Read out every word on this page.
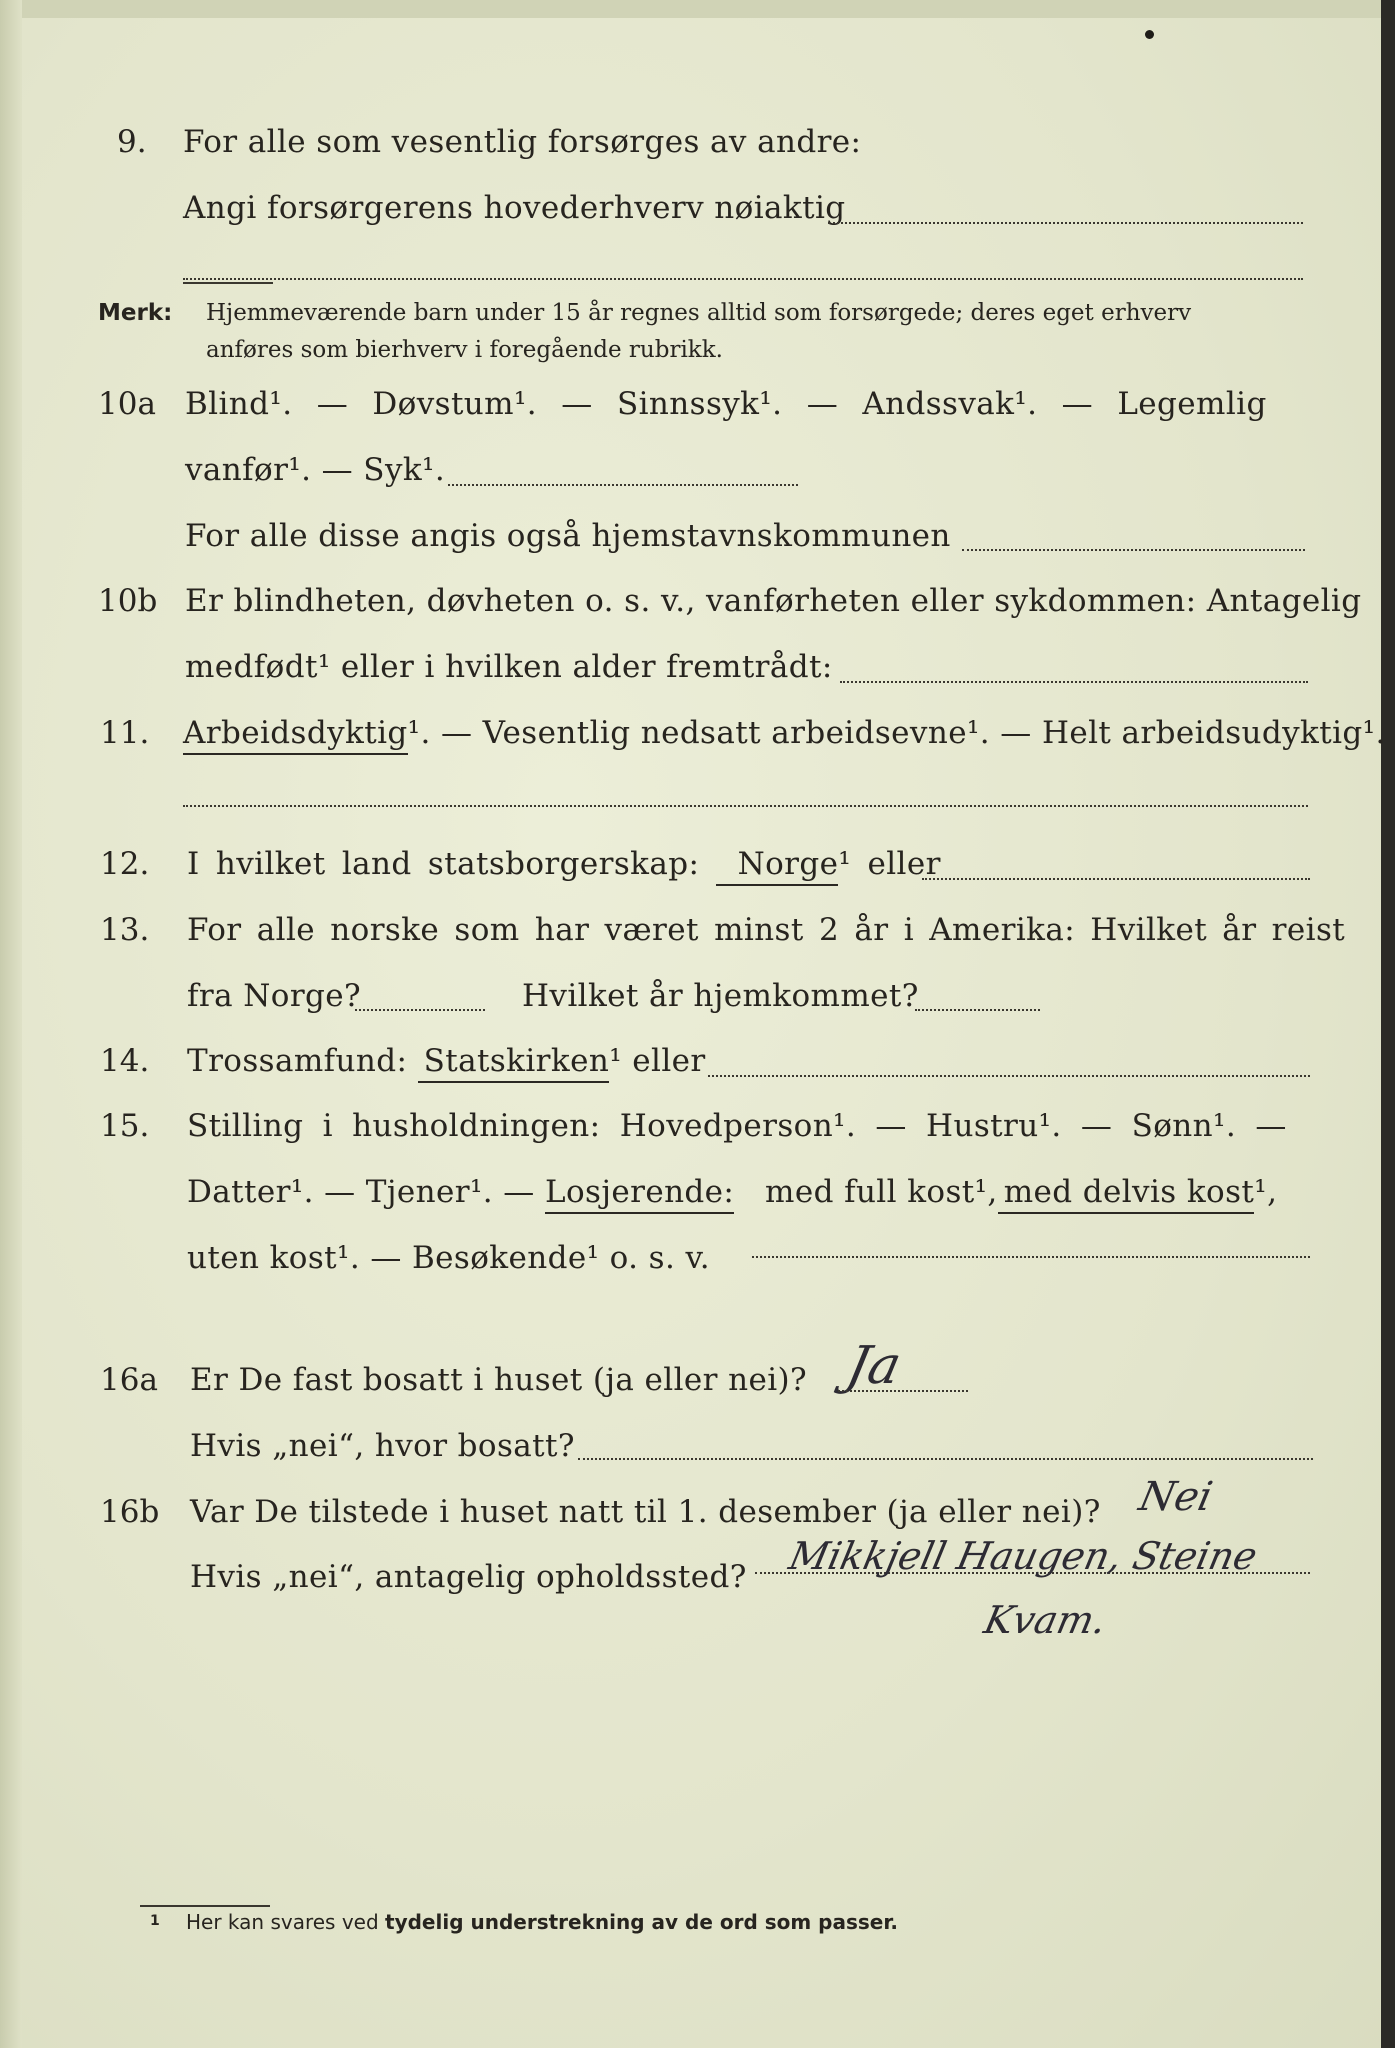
9. For alle som vesentlig forsørges av andre:
Angi forsørgerens hovederhverv nøiaktig
Merk: Hjemmeværende barn under 15 år regnes alltid som forsørgede; deres eget erhverv
anføres som bierhverv i foregående rubrikk.
10a Blind¹. — Døvstum¹. — Sinnssyk¹. — Andssvak¹. — Legemlig
vanfør¹. — Syk¹.
For alle disse angis også hjemstavnskommunen
10b Er blindheten, døvheten o. s. v., vanførheten eller sykdommen: Antagelig
medfødt¹ eller i hvilken alder fremtrådt:
11. Arbeidsdyktig¹. — Vesentlig nedsatt arbeidsevne¹. — Helt arbeidsudyktig¹.
12. I hvilket land statsborgerskap: Norge¹ eller
13. For alle norske som har været minst 2 år i Amerika: Hvilket år reist
fra Norge?	Hvilket år hjemkommet?
14. Trossamfund: Statskirken¹ eller
15. Stilling i husholdningen: Hovedperson¹. — Hustru¹. — Sønn¹. —
Datter¹. — Tjener¹. — Losjerende: med full kost¹, med delvis kost¹,
uten kost¹. — Besøkende¹ o. s. v.
16a Er De fast bosatt i huset (ja eller nei)? Ja
Hvis „nei“, hvor bosatt?
16b Var De tilstede i huset natt til 1. desember (ja eller nei)? Nei
Hvis „nei“, antagelig opholdssted? Mikkjell Haugen, Steine
Kvam.
1 Her kan svares ved tydelig understrekning av de ord som passer.
